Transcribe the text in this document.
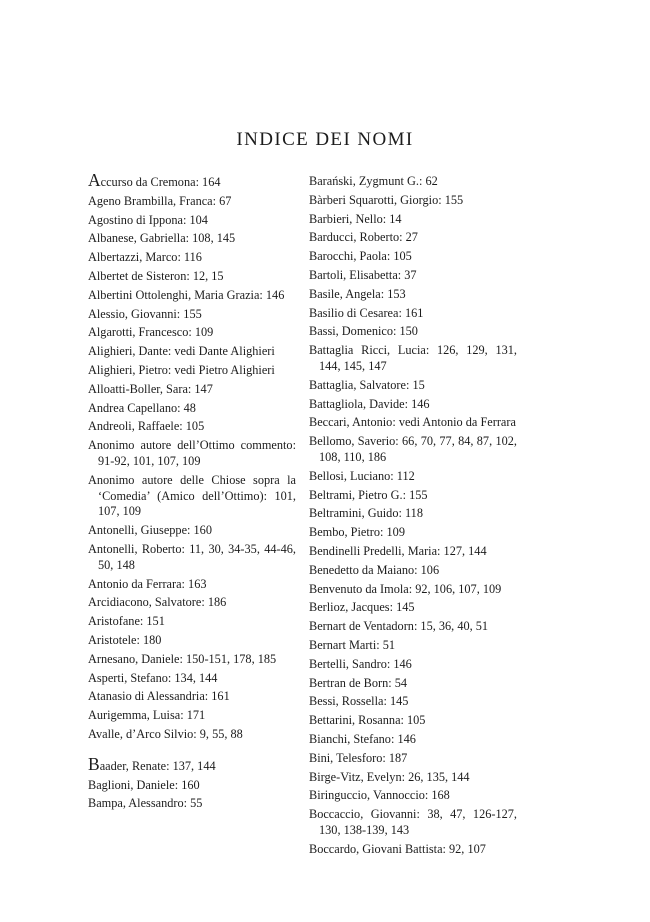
INDICE DEI NOMI
Accurso da Cremona: 164
Ageno Brambilla, Franca: 67
Agostino di Ippona: 104
Albanese, Gabriella: 108, 145
Albertazzi, Marco: 116
Albertet de Sisteron: 12, 15
Albertini Ottolenghi, Maria Grazia: 146
Alessio, Giovanni: 155
Algarotti, Francesco: 109
Alighieri, Dante: vedi Dante Alighieri
Alighieri, Pietro: vedi Pietro Alighieri
Alloatti-Boller, Sara: 147
Andrea Capellano: 48
Andreoli, Raffaele: 105
Anonimo autore dell’Ottimo commento: 91-92, 101, 107, 109
Anonimo autore delle Chiose sopra la ‘Comedia’ (Amico dell’Ottimo): 101, 107, 109
Antonelli, Giuseppe: 160
Antonelli, Roberto: 11, 30, 34-35, 44-46, 50, 148
Antonio da Ferrara: 163
Arcidiacono, Salvatore: 186
Aristofane: 151
Aristotele: 180
Arnesano, Daniele: 150-151, 178, 185
Asperti, Stefano: 134, 144
Atanasio di Alessandria: 161
Aurigemma, Luisa: 171
Avalle, d’Arco Silvio: 9, 55, 88
Baader, Renate: 137, 144
Baglioni, Daniele: 160
Bampa, Alessandro: 55
Barański, Zygmunt G.: 62
Bàrberi Squarotti, Giorgio: 155
Barbieri, Nello: 14
Barducci, Roberto: 27
Barocchi, Paola: 105
Bartoli, Elisabetta: 37
Basile, Angela: 153
Basilio di Cesarea: 161
Bassi, Domenico: 150
Battaglia Ricci, Lucia: 126, 129, 131, 144, 145, 147
Battaglia, Salvatore: 15
Battagliola, Davide: 146
Beccari, Antonio: vedi Antonio da Ferrara
Bellomo, Saverio: 66, 70, 77, 84, 87, 102, 108, 110, 186
Bellosi, Luciano: 112
Beltrami, Pietro G.: 155
Beltramini, Guido: 118
Bembo, Pietro: 109
Bendinelli Predelli, Maria: 127, 144
Benedetto da Maiano: 106
Benvenuto da Imola: 92, 106, 107, 109
Berlioz, Jacques: 145
Bernart de Ventadorn: 15, 36, 40, 51
Bernart Marti: 51
Bertelli, Sandro: 146
Bertran de Born: 54
Bessi, Rossella: 145
Bettarini, Rosanna: 105
Bianchi, Stefano: 146
Bini, Telesforo: 187
Birge-Vitz, Evelyn: 26, 135, 144
Biringuccio, Vannoccio: 168
Boccaccio, Giovanni: 38, 47, 126-127, 130, 138-139, 143
Boccardo, Giovani Battista: 92, 107
